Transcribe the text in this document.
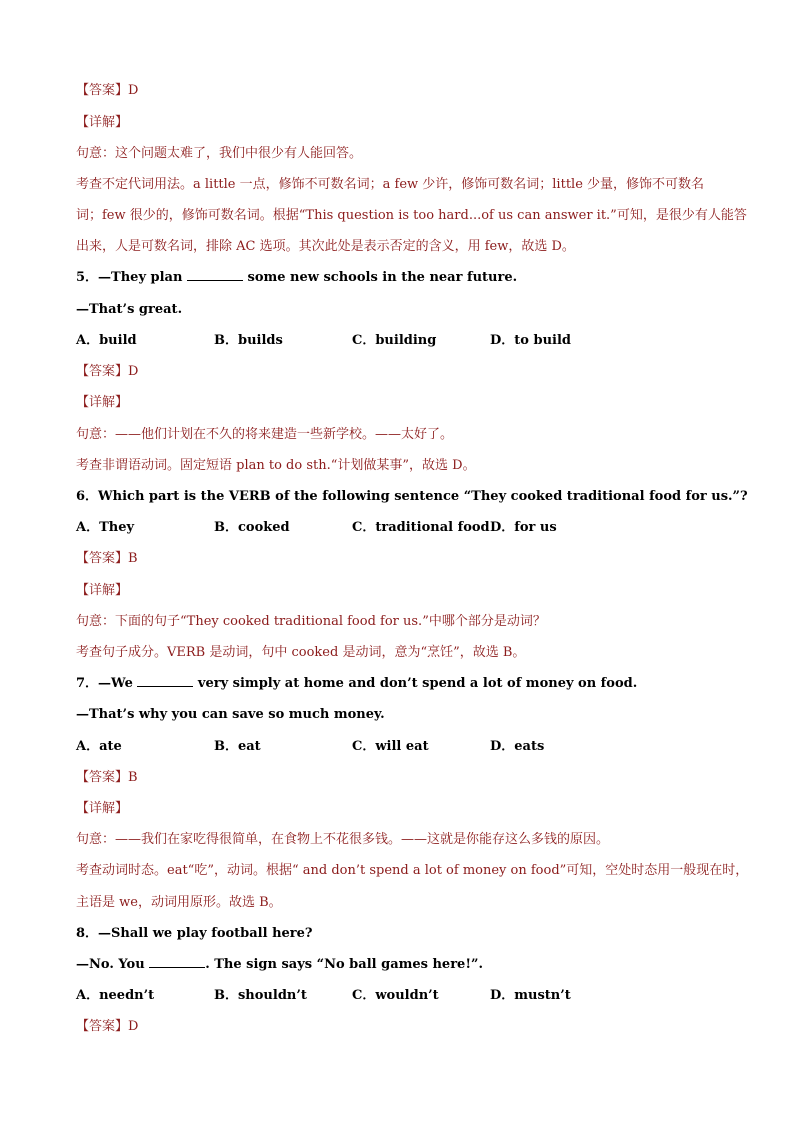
【答案】D
【详解】
句意：这个问题太难了，我们中很少有人能回答。
考查不定代词用法。a little 一点，修饰不可数名词；a few 少许，修饰可数名词；little 少量，修饰不可数名
词；few 很少的，修饰可数名词。根据“This question is too hard...of us can answer it.”可知，是很少有人能答
出来，人是可数名词，排除 AC 选项。其次此处是表示否定的含义，用 few，故选 D。
5．—They plan	some new schools in the near future.
—That’s great.
A．build	B．builds	C．building	D．to build
【答案】D
【详解】
句意：——他们计划在不久的将来建造一些新学校。——太好了。
考查非谓语动词。固定短语 plan to do sth.“计划做某事”，故选 D。
6．Which part is the VERB of the following sentence “They cooked traditional food for us.”?
A．They	B．cooked	C．traditional food D．for us
【答案】B
【详解】
句意：下面的句子“They cooked traditional food for us.”中哪个部分是动词？
考查句子成分。VERB 是动词，句中 cooked 是动词，意为“烹饪”，故选 B。
7．—We	very simply at home and don’t spend a lot of money on food.
—That’s why you can save so much money.
A．ate	B．eat	C．will eat	D．eats
【答案】B
【详解】
句意：——我们在家吃得很简单，在食物上不花很多钱。——这就是你能存这么多钱的原因。
考查动词时态。eat“吃”，动词。根据“ and don’t spend a lot of money on food”可知，空处时态用一般现在时，
主语是 we，动词用原形。故选 B。
8．—Shall we play football here?
—No. You	. The sign says “No ball games here!”.
A．needn’t	B．shouldn’t	C．wouldn’t	D．mustn’t
【答案】D
